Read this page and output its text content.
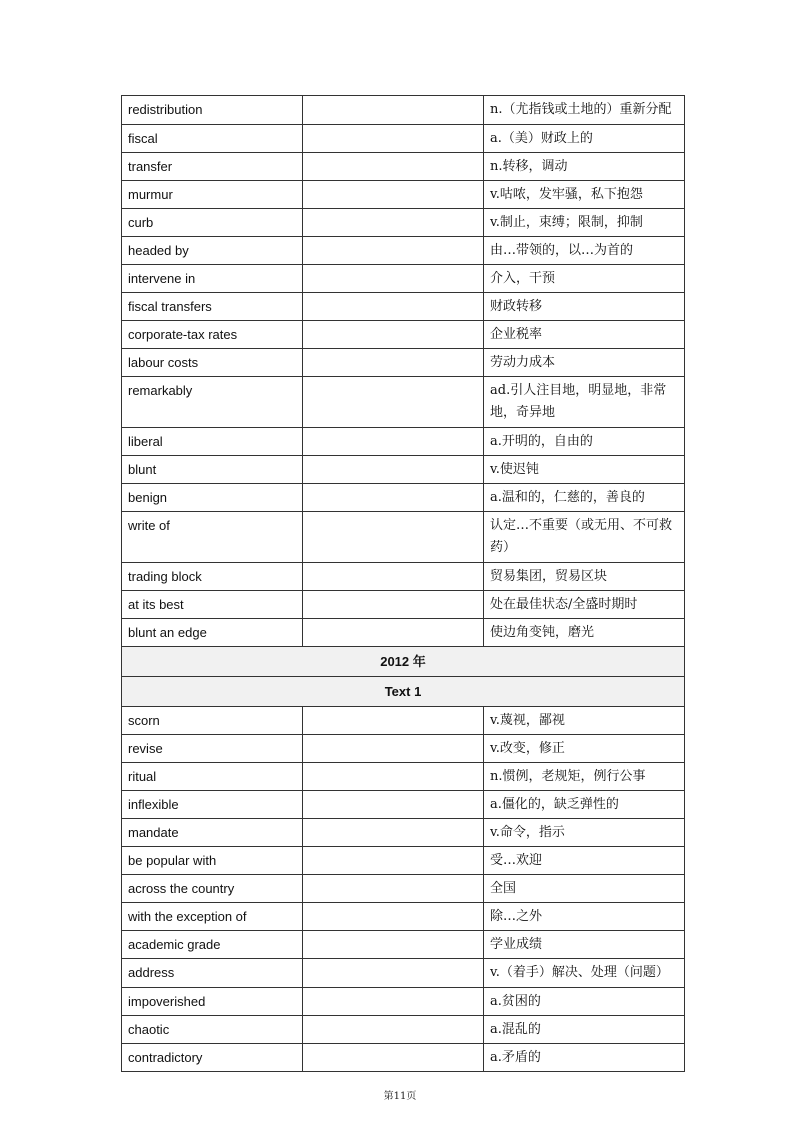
redistribution		n.（尤指钱或土地的）重新分配
fiscal		a.（美）财政上的
transfer		n.转移，调动
murmur		v.咕哝，发牢骚，私下抱怨
curb		v.制止，束缚；限制，抑制
headed by		由…带领的，以…为首的
intervene in		介入，干预
fiscal transfers		财政转移
corporate-tax rates		企业税率
labour costs		劳动力成本
remarkably		ad.引人注目地，明显地，非常地，奇异地
liberal		a.开明的，自由的
blunt		v.使迟钝
benign		a.温和的，仁慈的，善良的
write of		认定…不重要（或无用、不可救药）
trading block		贸易集团，贸易区块
at its best		处在最佳状态/全盛时期时
blunt an edge		使边角变钝，磨光
2012 年		
Text 1		
scorn		v.蔑视，鄙视
revise		v.改变，修正
ritual		n.惯例，老规矩，例行公事
inflexible		a.僵化的，缺乏弹性的
mandate		v.命令，指示
be popular with		受…欢迎
across the country		全国
with the exception of		除…之外
academic grade		学业成绩
address		v.（着手）解决、处理（问题）
impoverished		a.贫困的
chaotic		a.混乱的
contradictory		a.矛盾的
第11页
